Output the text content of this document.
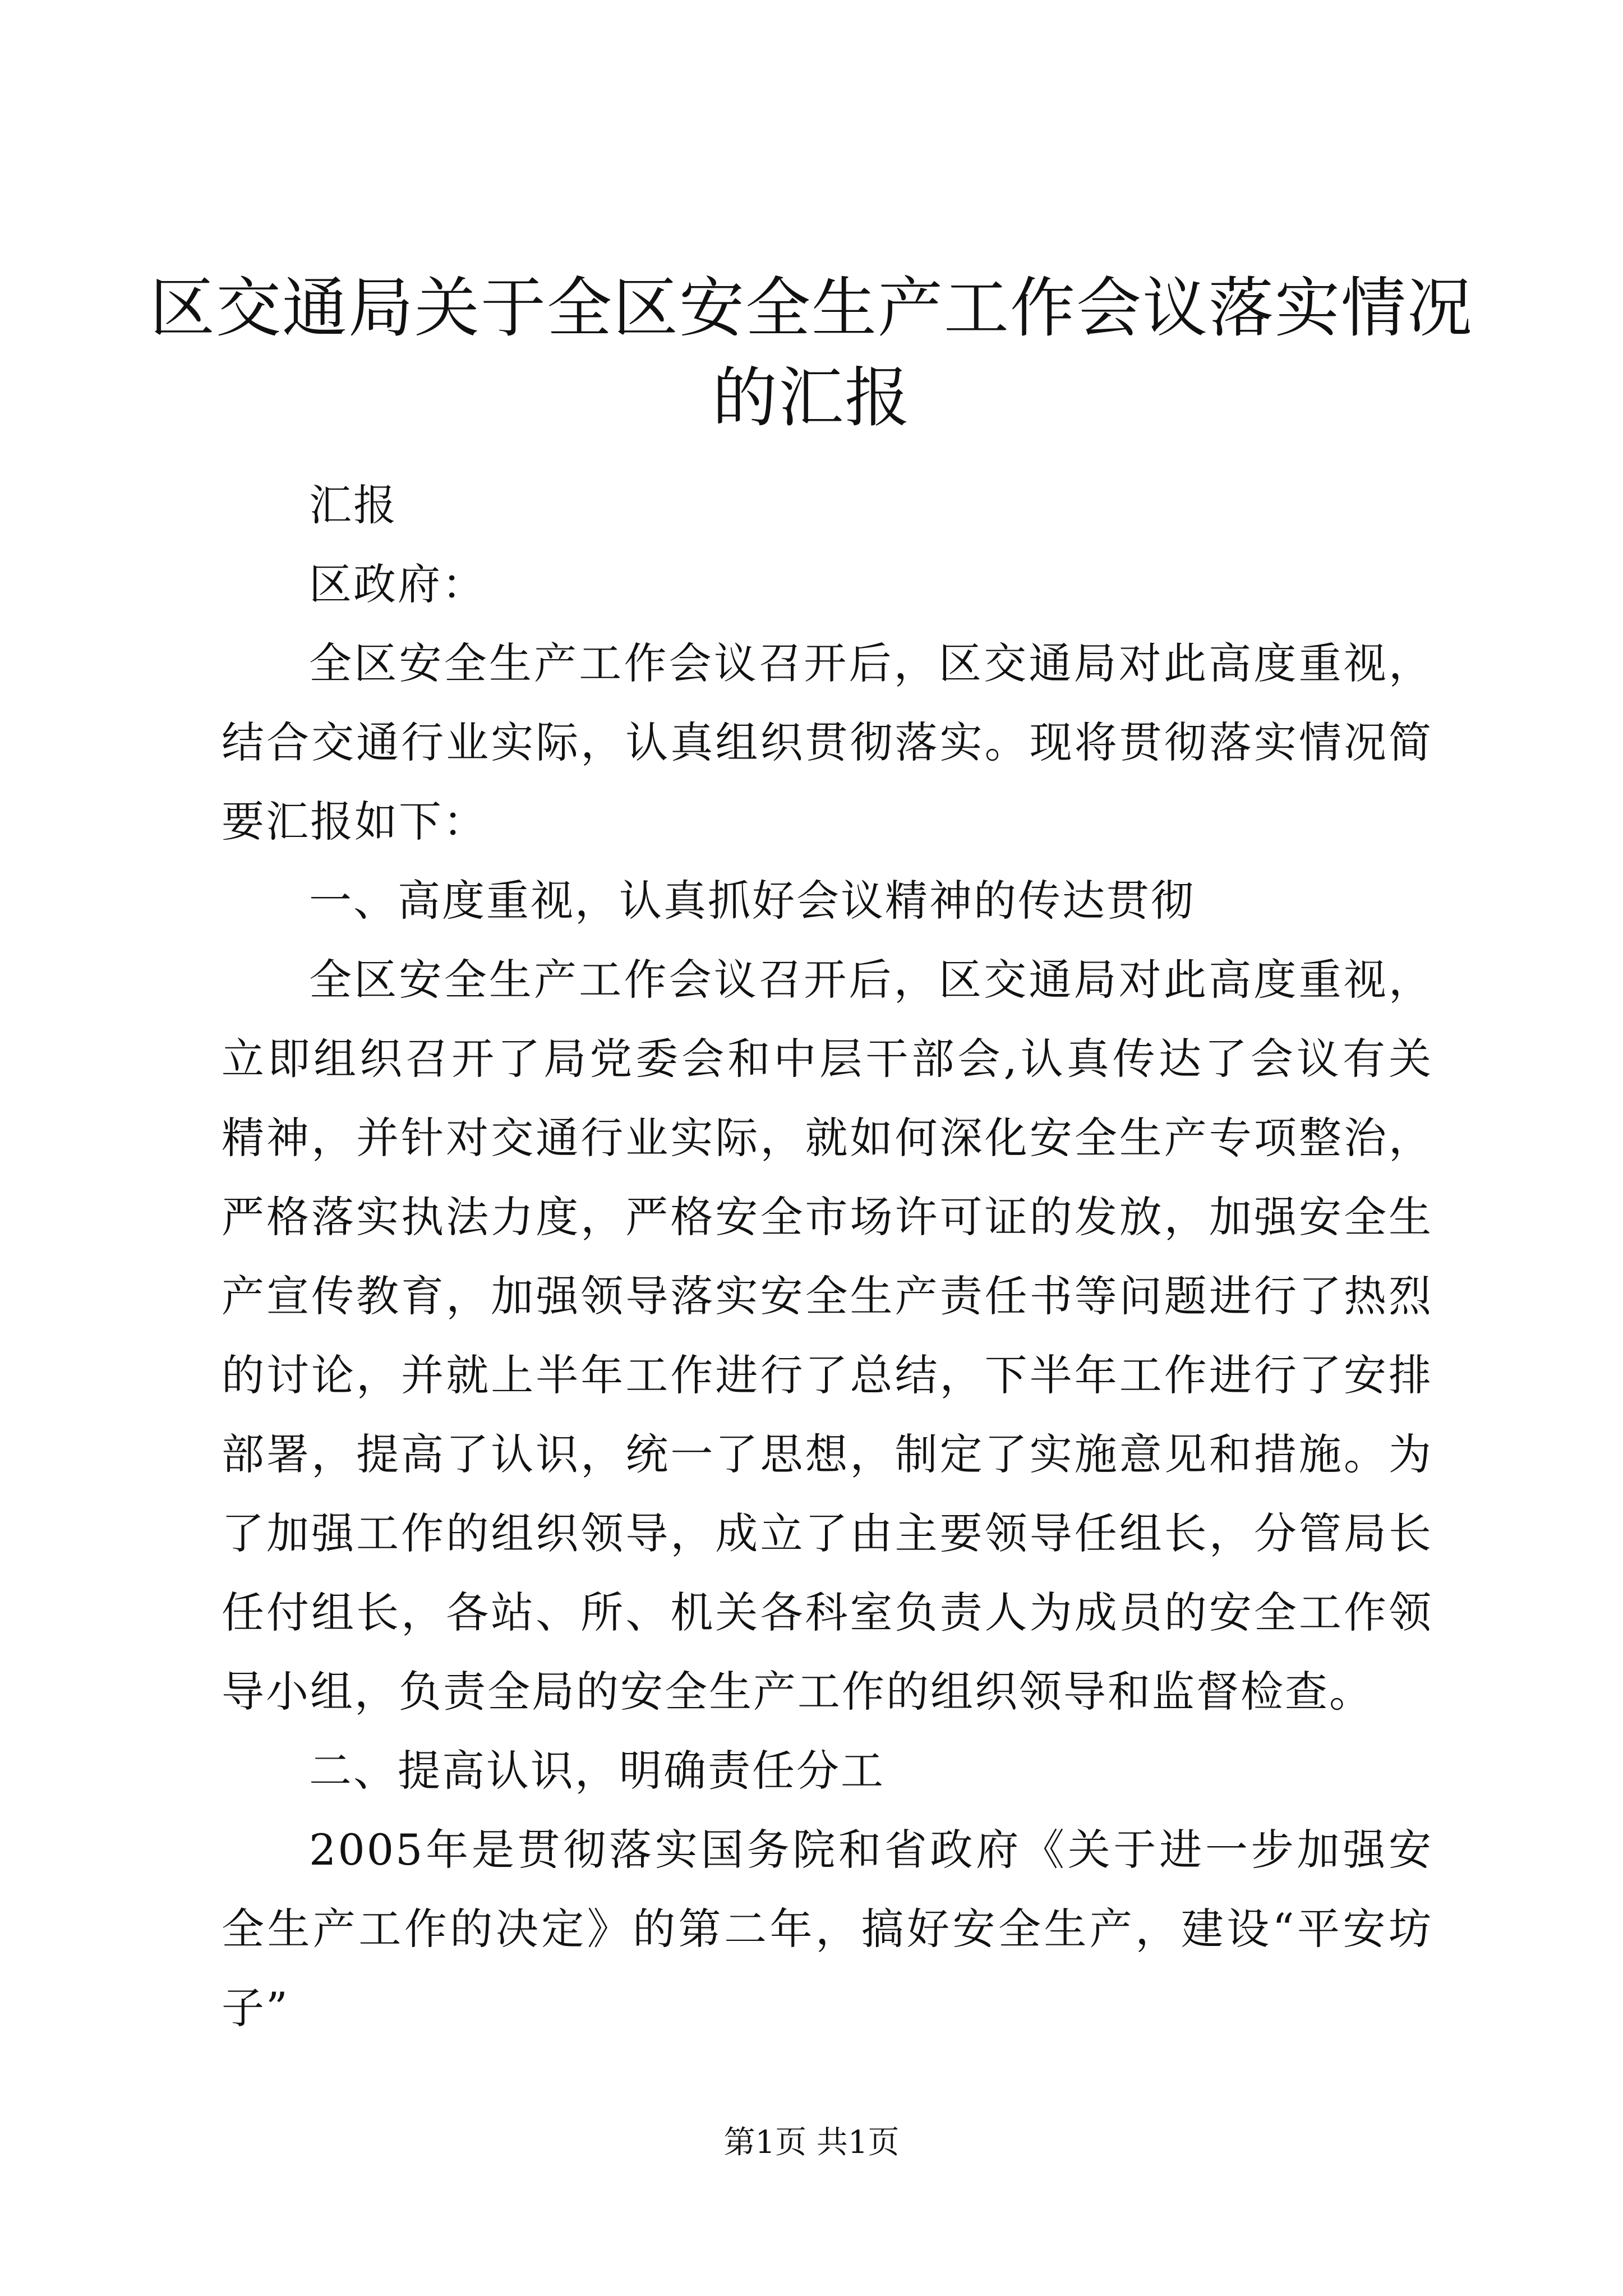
区交通局关于全区安全生产工作会议落实情况
的汇报

汇报

区政府：

全区安全生产工作会议召开后，区交通局对此高度重视，结合交通行业实际，认真组织贯彻落实。现将贯彻落实情况简要汇报如下：

一、高度重视，认真抓好会议精神的传达贯彻

全区安全生产工作会议召开后，区交通局对此高度重视，立即组织召开了局党委会和中层干部会,认真传达了会议有关精神，并针对交通行业实际，就如何深化安全生产专项整治，严格落实执法力度，严格安全市场许可证的发放，加强安全生产宣传教育，加强领导落实安全生产责任书等问题进行了热烈的讨论，并就上半年工作进行了总结，下半年工作进行了安排部署，提高了认识，统一了思想，制定了实施意见和措施。为了加强工作的组织领导，成立了由主要领导任组长，分管局长任付组长，各站、所、机关各科室负责人为成员的安全工作领导小组，负责全局的安全生产工作的组织领导和监督检查。

二、提高认识，明确责任分工

2005年是贯彻落实国务院和省政府《关于进一步加强安全生产工作的决定》的第二年，搞好安全生产，建设“平安坊子”

第1页 共1页
